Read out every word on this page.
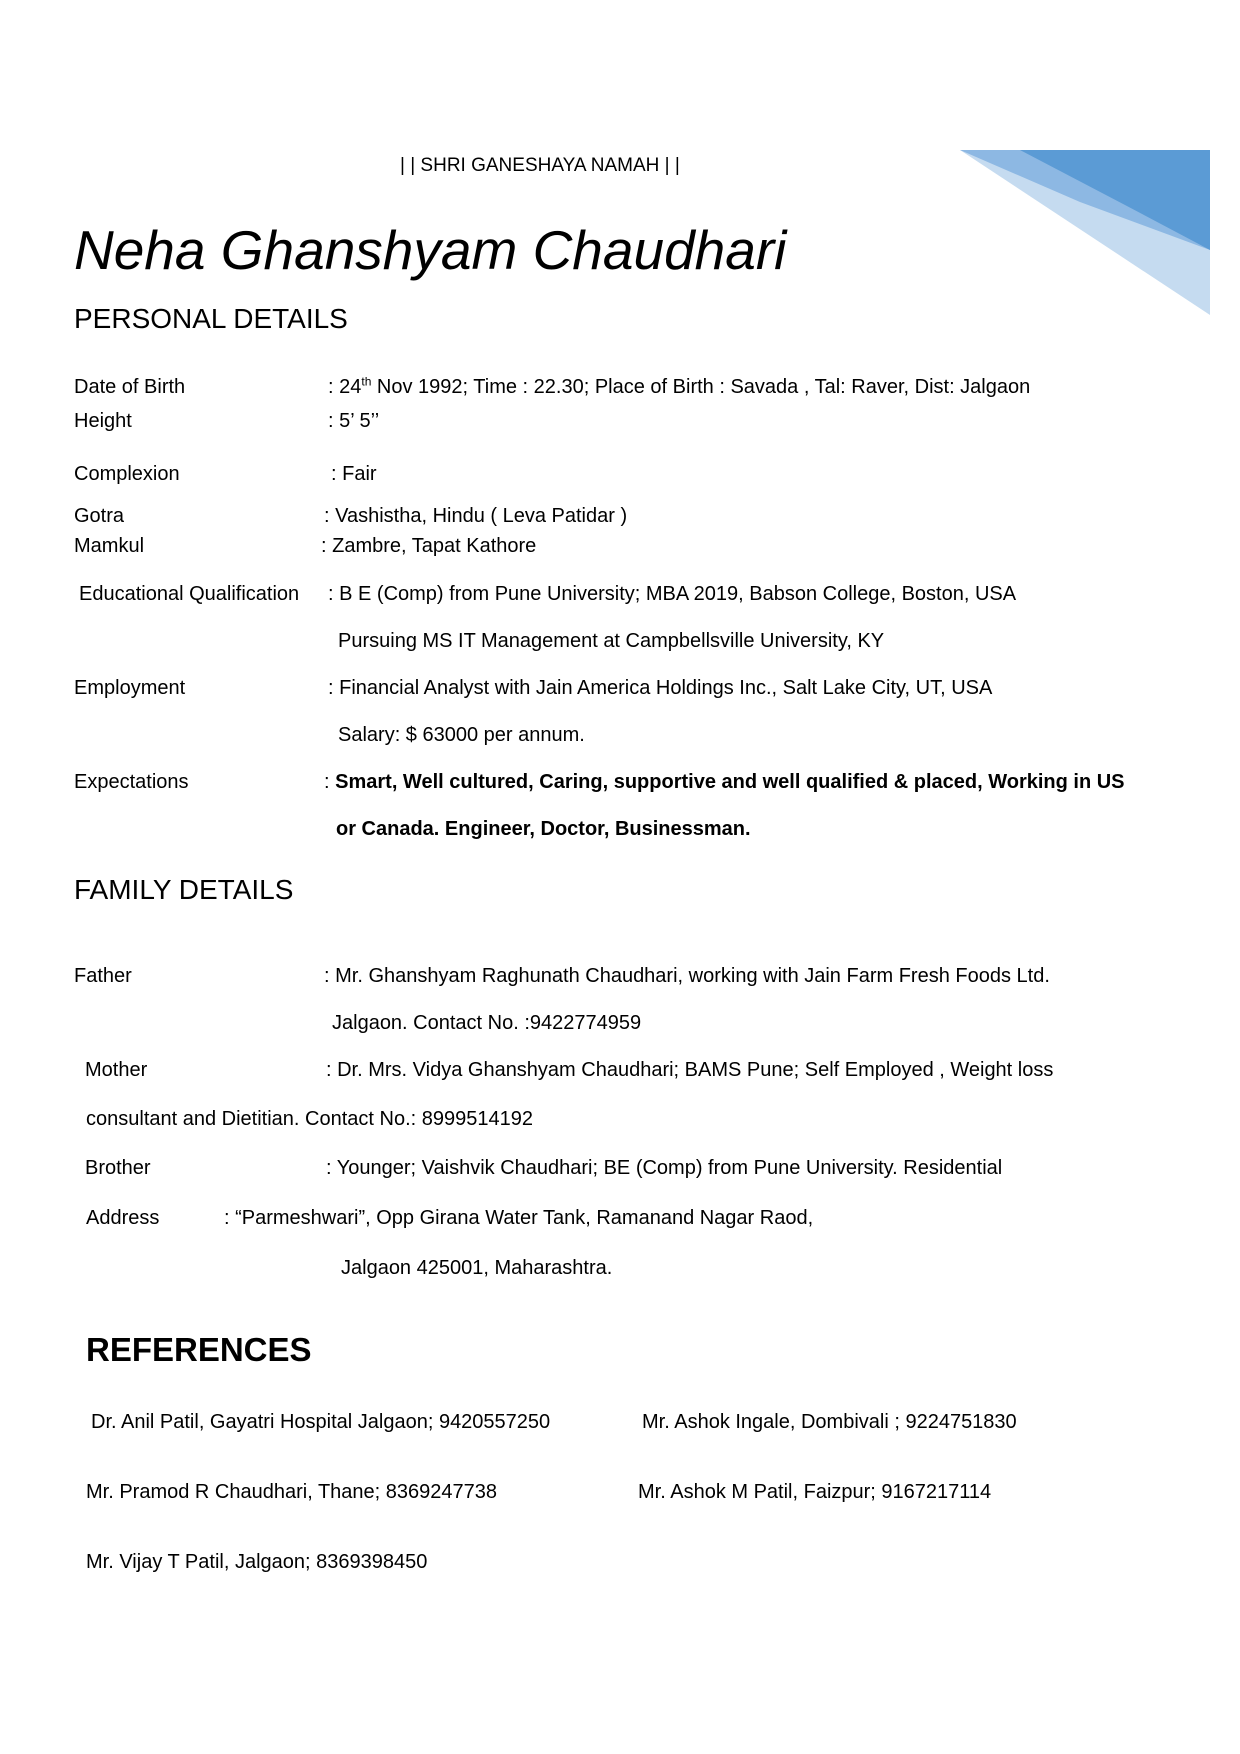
| | SHRI GANESHAYA NAMAH | |
Neha Ghanshyam Chaudhari
PERSONAL DETAILS
Date of Birth	: 24th Nov 1992; Time : 22.30; Place of Birth : Savada , Tal: Raver, Dist: Jalgaon
Height	: 5’ 5’’
Complexion	: Fair
Gotra	: Vashistha, Hindu ( Leva Patidar )
Mamkul	: Zambre, Tapat Kathore
Educational Qualification : B E (Comp) from Pune University; MBA 2019, Babson College, Boston, USA
Pursuing MS IT Management at Campbellsville University, KY
Employment	: Financial Analyst with Jain America Holdings Inc., Salt Lake City, UT, USA
Salary: $ 63000 per annum.
Expectations	: Smart, Well cultured, Caring, supportive and well qualified & placed, Working in US
or Canada. Engineer, Doctor, Businessman.
FAMILY DETAILS
Father	: Mr. Ghanshyam Raghunath Chaudhari, working with Jain Farm Fresh Foods Ltd.
Jalgaon. Contact No. :9422774959
Mother	: Dr. Mrs. Vidya Ghanshyam Chaudhari; BAMS Pune; Self Employed , Weight loss
consultant and Dietitian. Contact No.: 8999514192
Brother	: Younger; Vaishvik Chaudhari; BE (Comp) from Pune University. Residential
Address	: “Parmeshwari”, Opp Girana Water Tank, Ramanand Nagar Raod,
Jalgaon 425001, Maharashtra.
REFERENCES
Dr. Anil Patil, Gayatri Hospital Jalgaon; 9420557250	Mr. Ashok Ingale, Dombivali ; 9224751830
Mr. Pramod R Chaudhari, Thane; 8369247738	Mr. Ashok M Patil, Faizpur; 9167217114
Mr. Vijay T Patil, Jalgaon; 8369398450
